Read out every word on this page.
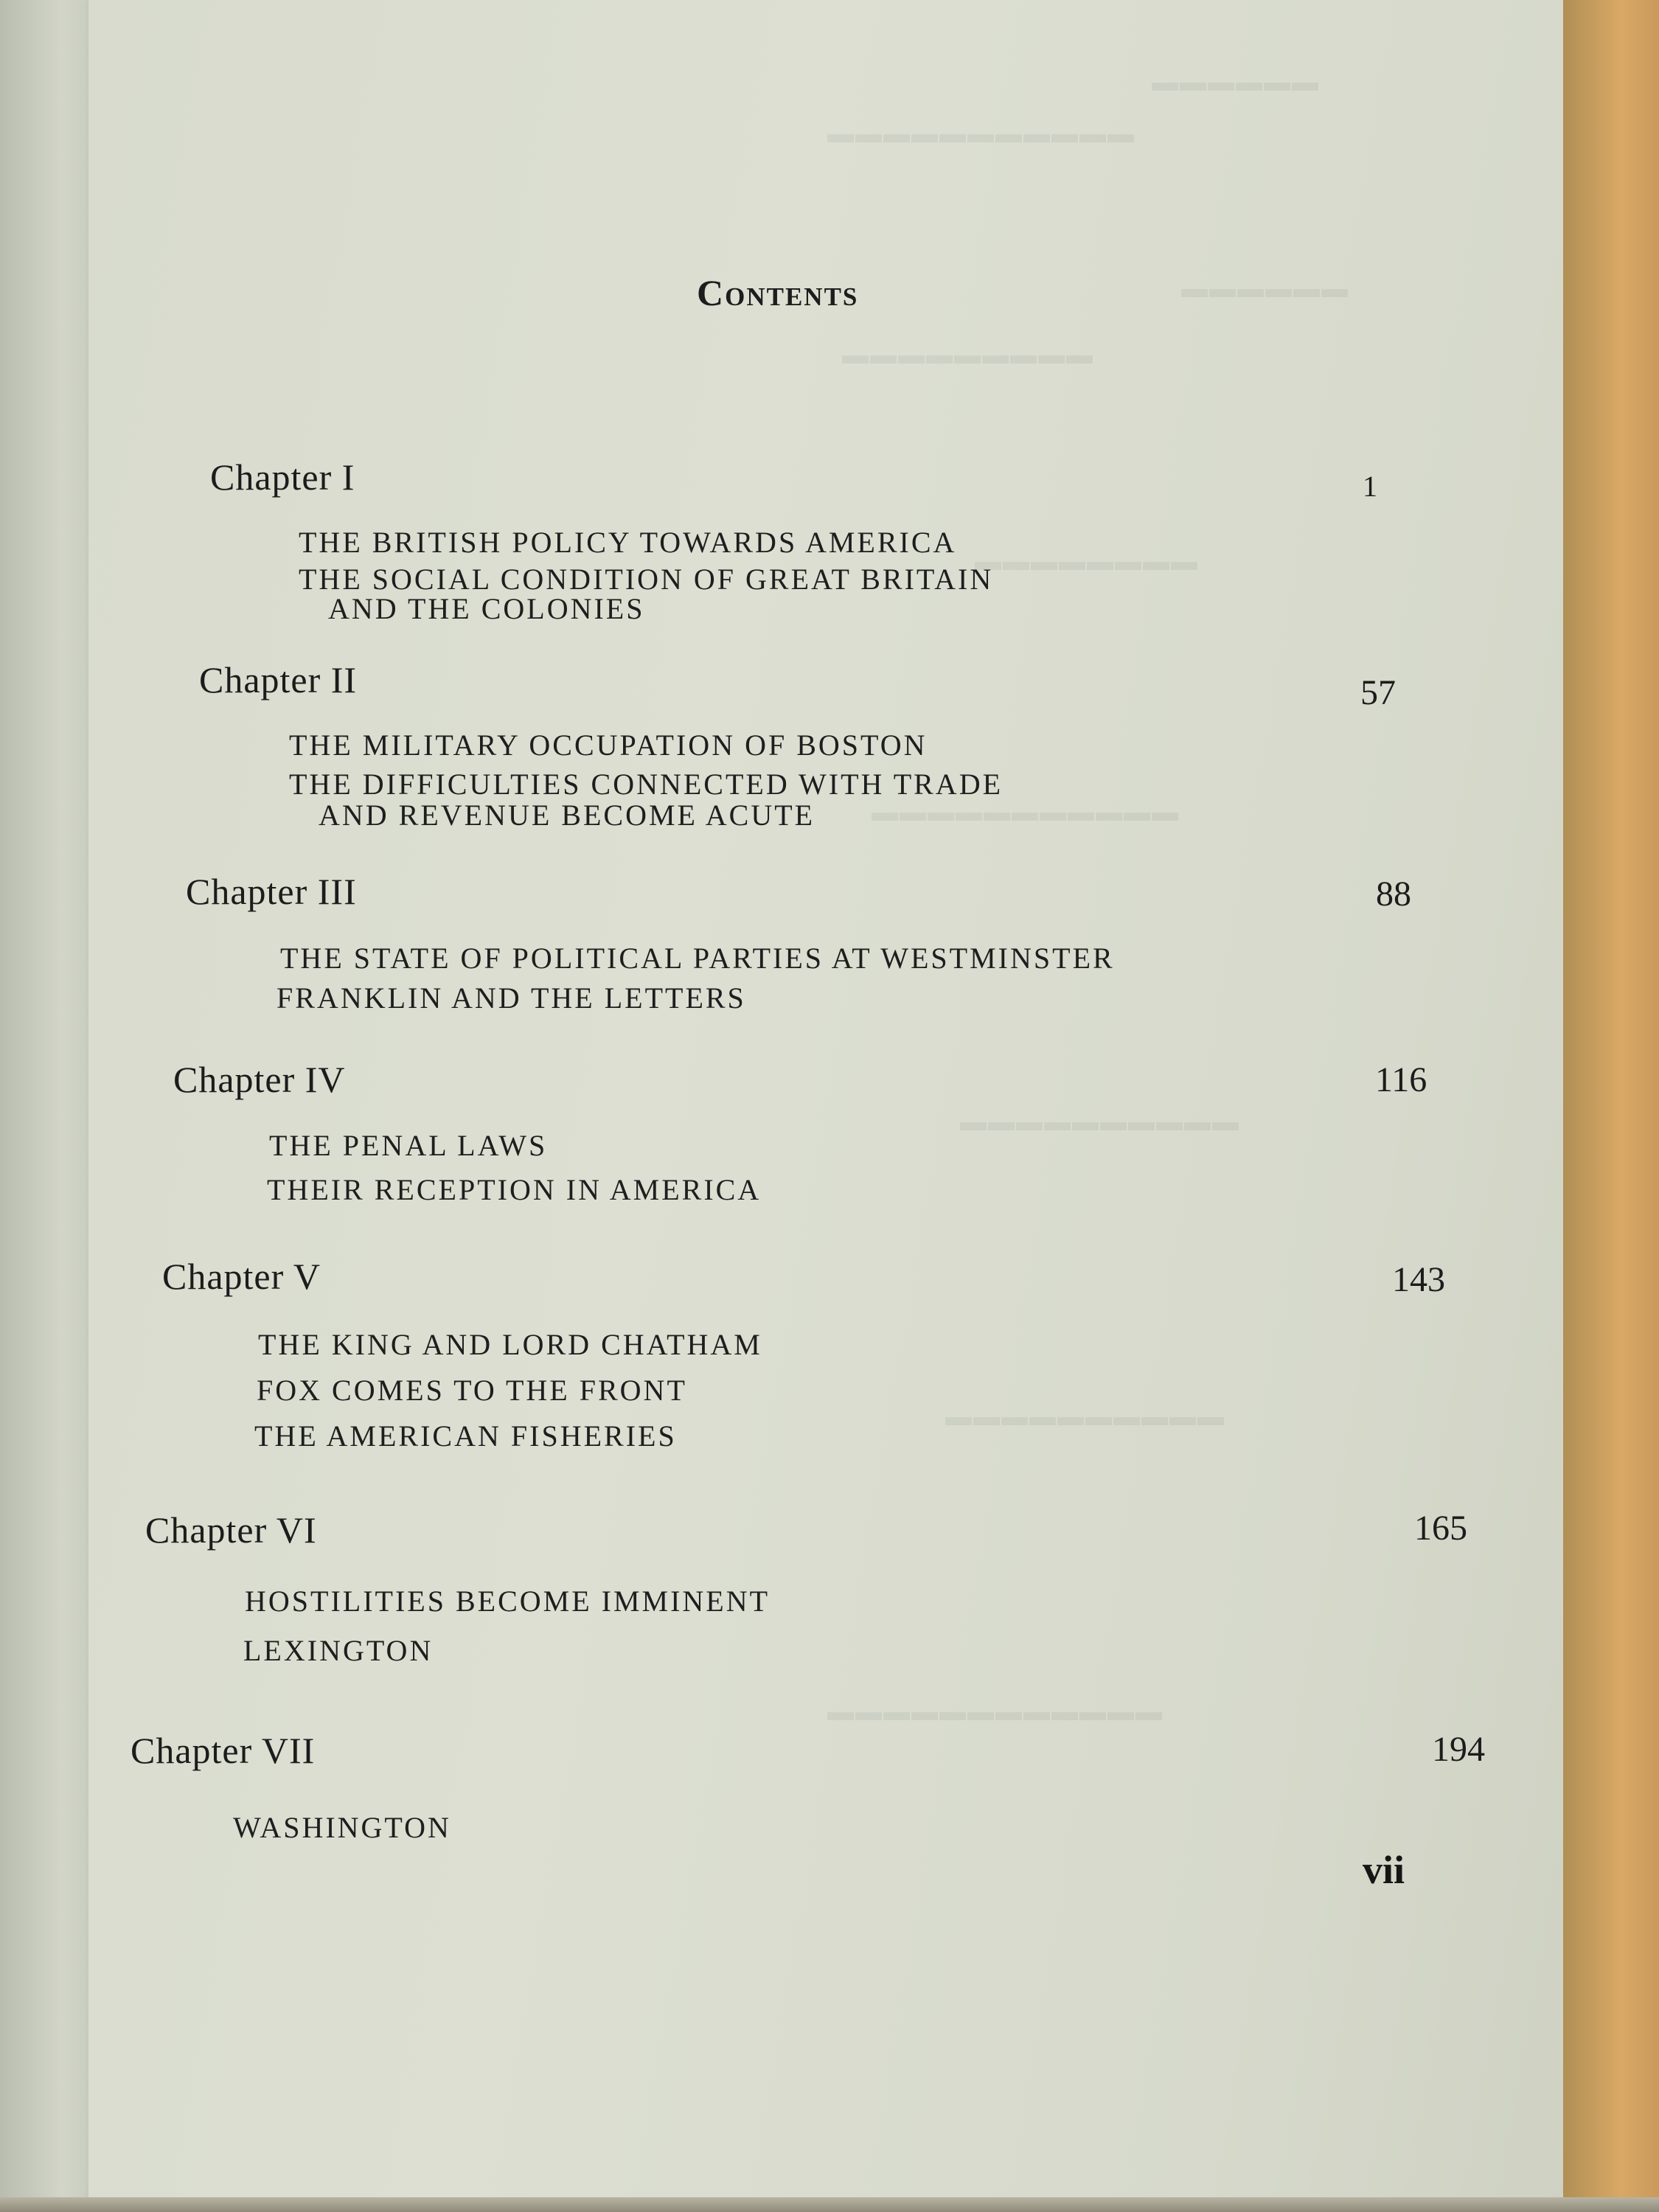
▬▬▬▬▬▬
▬▬▬▬▬▬▬▬▬▬▬
▬▬▬▬▬▬
▬▬▬▬▬▬▬▬▬
▬▬▬▬▬▬▬▬
▬▬▬▬▬▬▬▬▬▬▬
▬▬▬▬▬▬▬▬▬▬
▬▬▬▬▬▬▬▬▬▬
▬▬▬▬▬▬▬▬▬▬▬▬
Contents
Chapter I	1
THE BRITISH POLICY TOWARDS AMERICA
THE SOCIAL CONDITION OF GREAT BRITAIN
AND THE COLONIES
Chapter II	57
THE MILITARY OCCUPATION OF BOSTON
THE DIFFICULTIES CONNECTED WITH TRADE
AND REVENUE BECOME ACUTE
Chapter III	88
THE STATE OF POLITICAL PARTIES AT WESTMINSTER
FRANKLIN AND THE LETTERS
Chapter IV	116
THE PENAL LAWS
THEIR RECEPTION IN AMERICA
Chapter V	143
THE KING AND LORD CHATHAM
FOX COMES TO THE FRONT
THE AMERICAN FISHERIES
Chapter VI	165
HOSTILITIES BECOME IMMINENT
LEXINGTON
Chapter VII	194
WASHINGTON
vii
